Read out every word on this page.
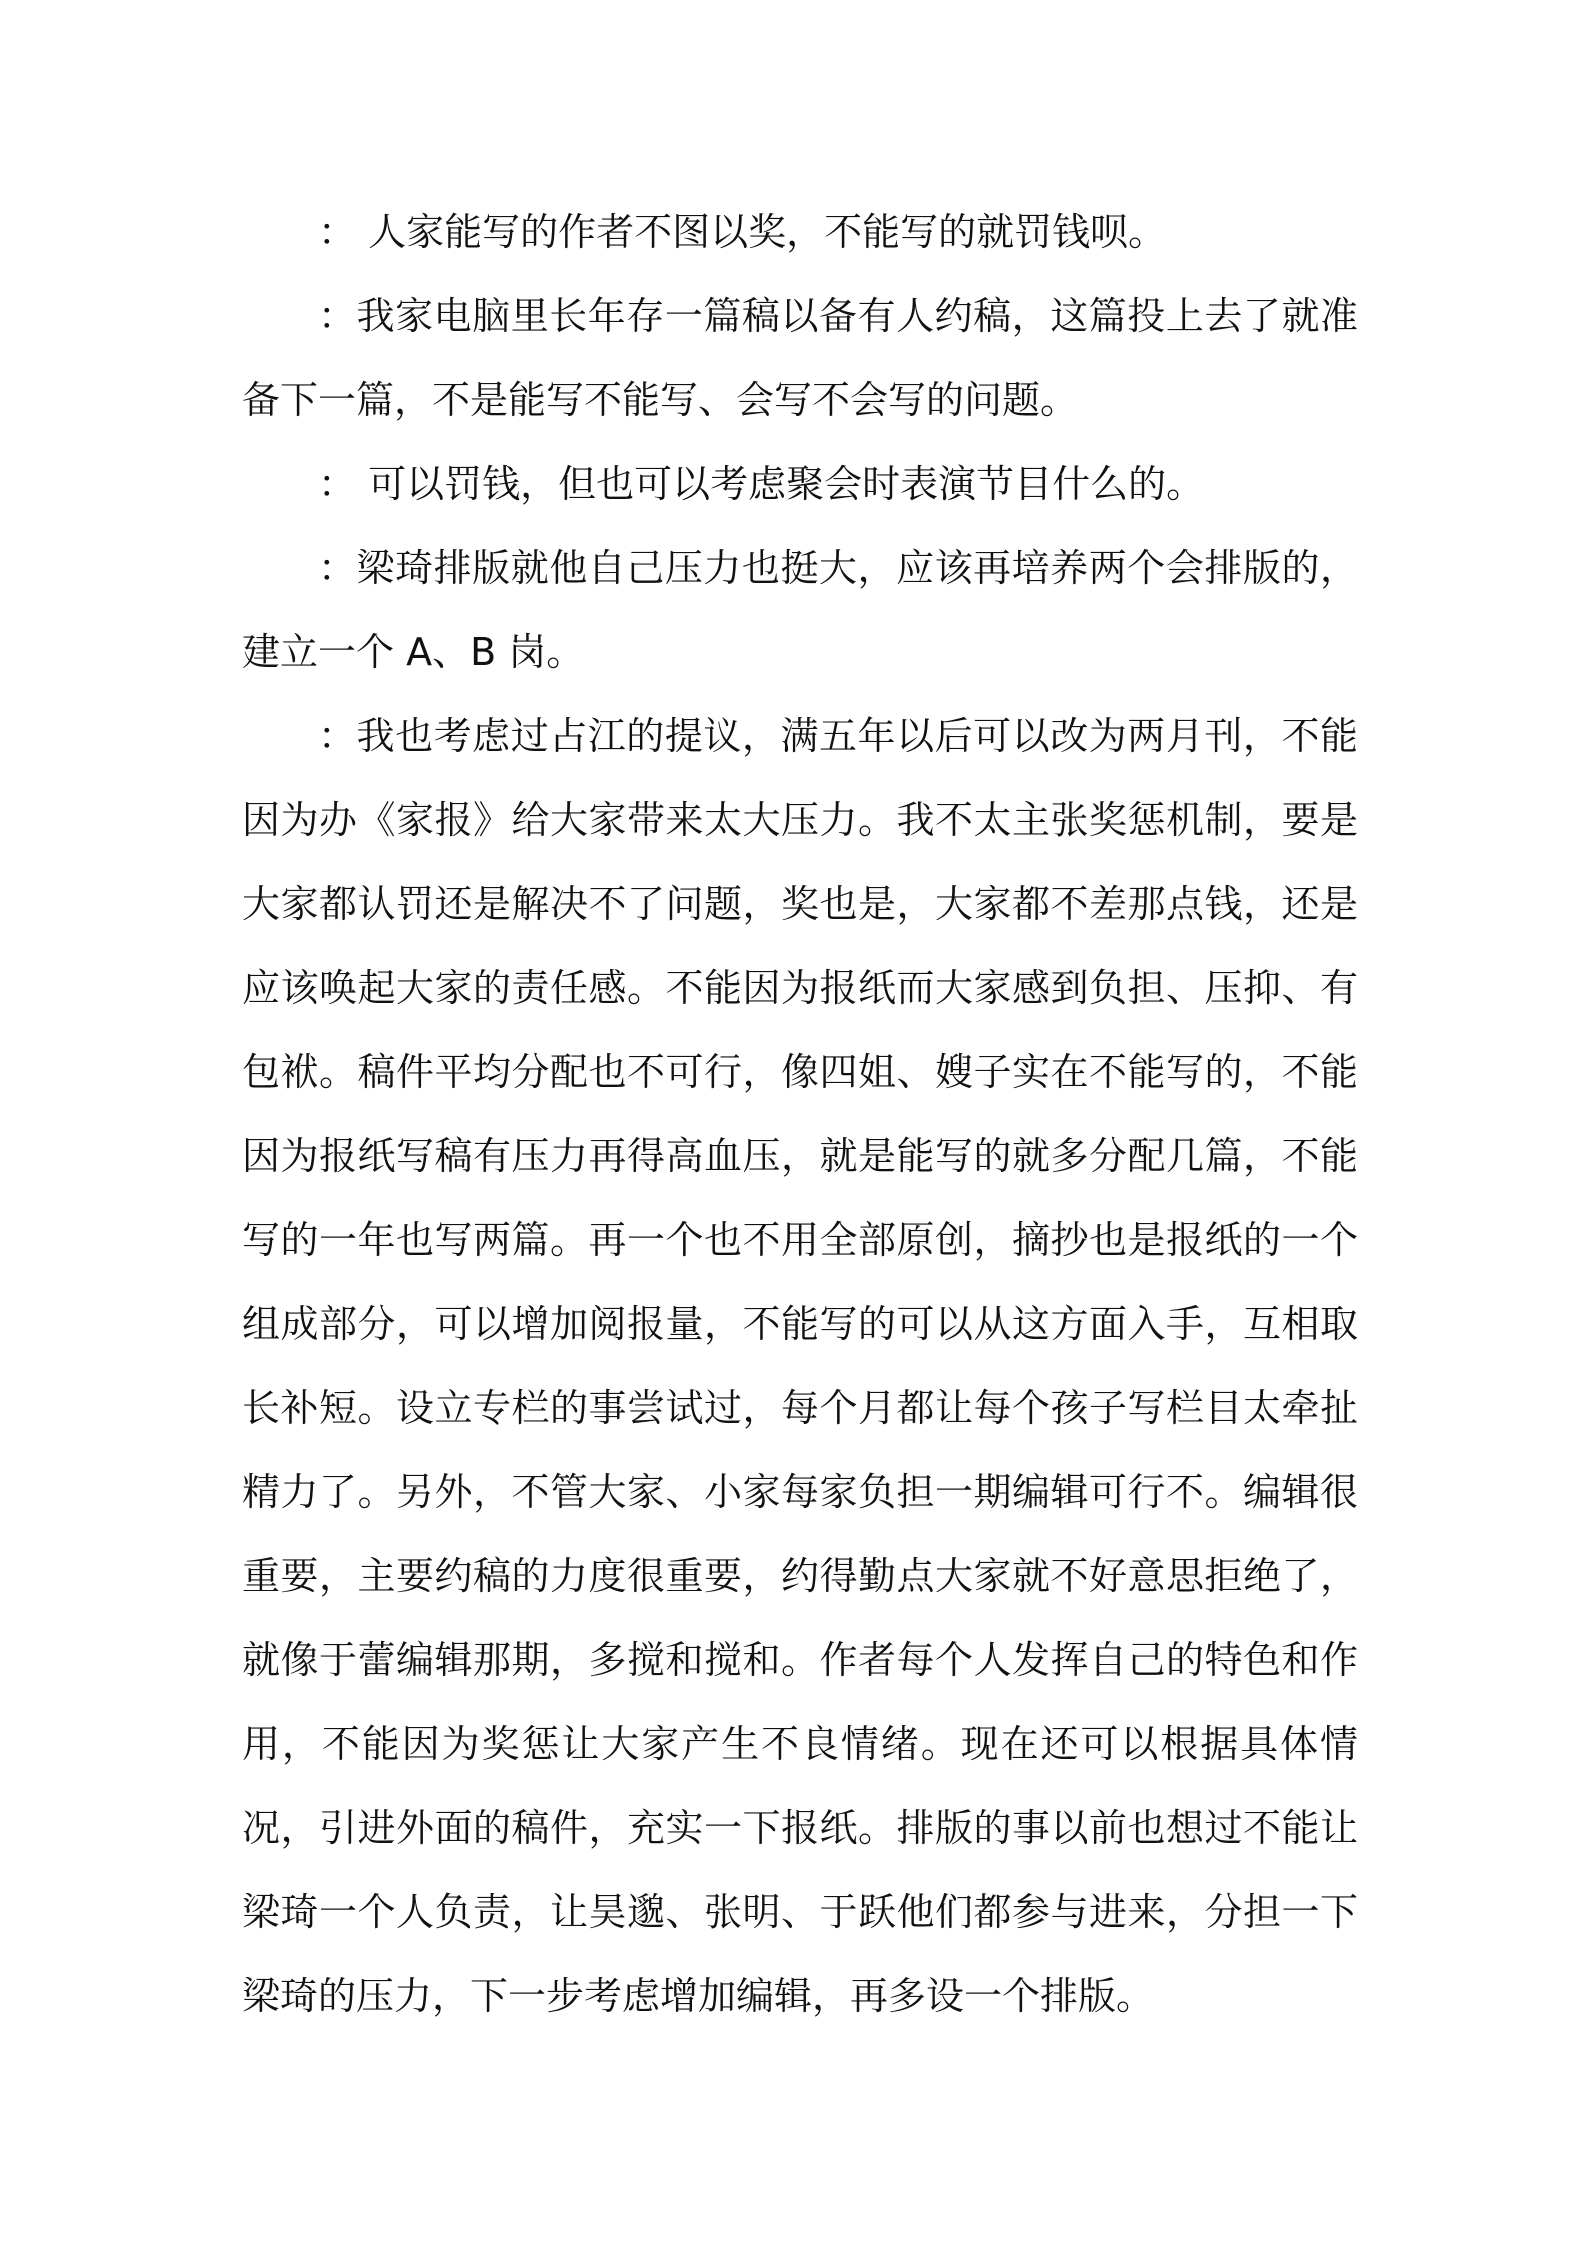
： 人家能写的作者不图以奖，不能写的就罚钱呗。

：我家电脑里长年存一篇稿以备有人约稿，这篇投上去了就准备下一篇，不是能写不能写、会写不会写的问题。

： 可以罚钱，但也可以考虑聚会时表演节目什么的。

：梁琦排版就他自己压力也挺大，应该再培养两个会排版的，建立一个 A、B 岗。

：我也考虑过占江的提议，满五年以后可以改为两月刊，不能因为办《家报》给大家带来太大压力。我不太主张奖惩机制，要是大家都认罚还是解决不了问题，奖也是，大家都不差那点钱，还是应该唤起大家的责任感。不能因为报纸而大家感到负担、压抑、有包袱。稿件平均分配也不可行，像四姐、嫂子实在不能写的，不能因为报纸写稿有压力再得高血压，就是能写的就多分配几篇，不能写的一年也写两篇。再一个也不用全部原创，摘抄也是报纸的一个组成部分，可以增加阅报量，不能写的可以从这方面入手，互相取长补短。设立专栏的事尝试过，每个月都让每个孩子写栏目太牵扯精力了。另外，不管大家、小家每家负担一期编辑可行不。编辑很重要，主要约稿的力度很重要，约得勤点大家就不好意思拒绝了，就像于蕾编辑那期，多搅和搅和。作者每个人发挥自己的特色和作用，不能因为奖惩让大家产生不良情绪。现在还可以根据具体情况，引进外面的稿件，充实一下报纸。排版的事以前也想过不能让梁琦一个人负责，让昊邈、张明、于跃他们都参与进来，分担一下梁琦的压力，下一步考虑增加编辑，再多设一个排版。
